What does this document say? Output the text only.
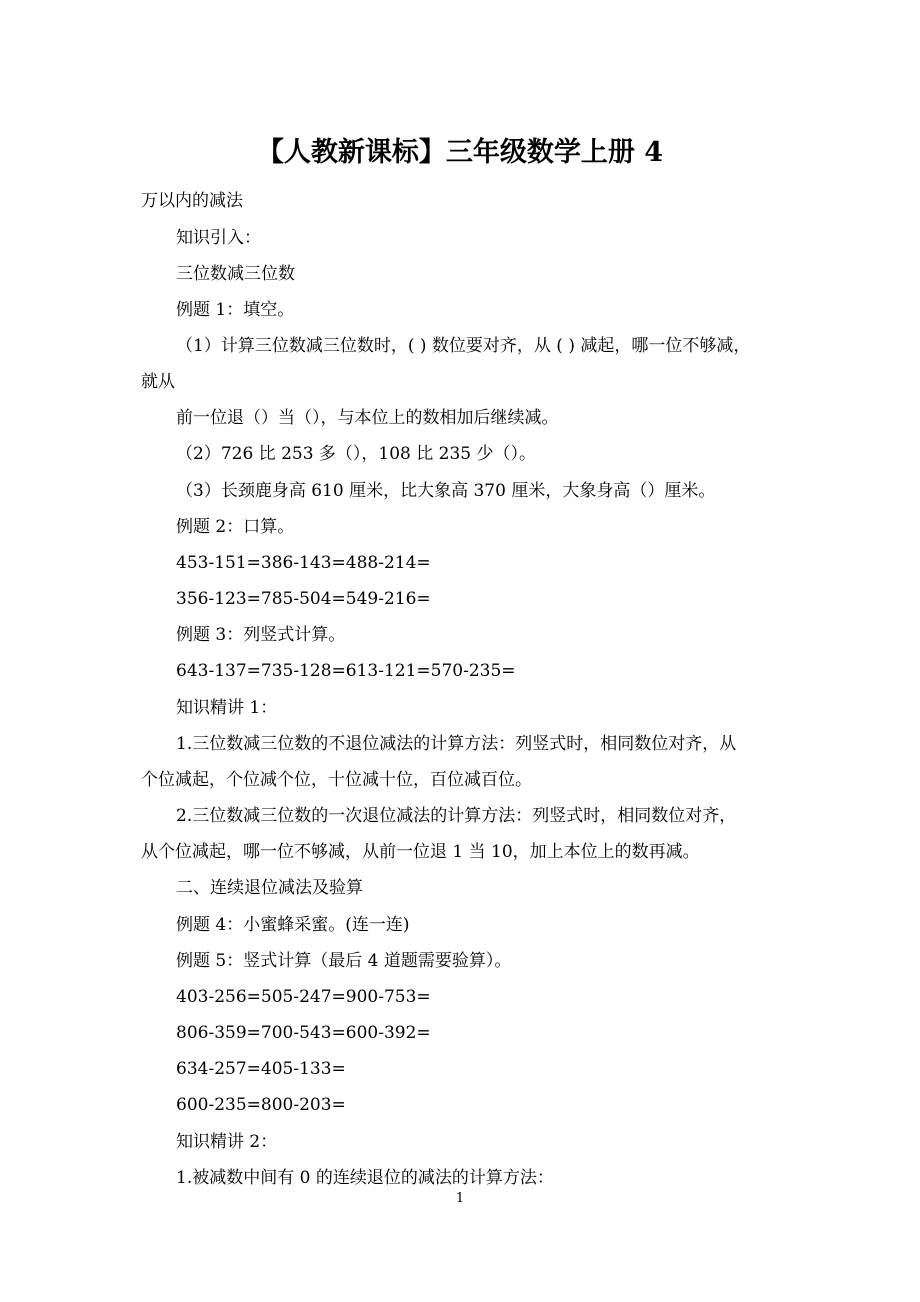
【人教新课标】三年级数学上册 4
万以内的减法
知识引入：
三位数减三位数
例题 1：填空。
（1）计算三位数减三位数时，( ) 数位要对齐，从 ( ) 减起，哪一位不够减，
就从
前一位退（）当（），与本位上的数相加后继续减。
（2）726 比 253 多（），108 比 235 少（）。
（3）长颈鹿身高 610 厘米，比大象高 370 厘米，大象身高（）厘米。
例题 2：口算。
453-151=386-143=488-214=
356-123=785-504=549-216=
例题 3：列竖式计算。
643-137=735-128=613-121=570-235=
知识精讲 1：
1.三位数减三位数的不退位减法的计算方法：列竖式时，相同数位对齐，从
个位减起，个位减个位，十位减十位，百位减百位。
2.三位数减三位数的一次退位减法的计算方法：列竖式时，相同数位对齐，
从个位减起，哪一位不够减，从前一位退 1 当 10，加上本位上的数再减。
二、连续退位减法及验算
例题 4：小蜜蜂采蜜。(连一连)
例题 5：竖式计算（最后 4 道题需要验算）。
403-256=505-247=900-753=
806-359=700-543=600-392=
634-257=405-133=
600-235=800-203=
知识精讲 2：
1.被减数中间有 0 的连续退位的减法的计算方法：
1
